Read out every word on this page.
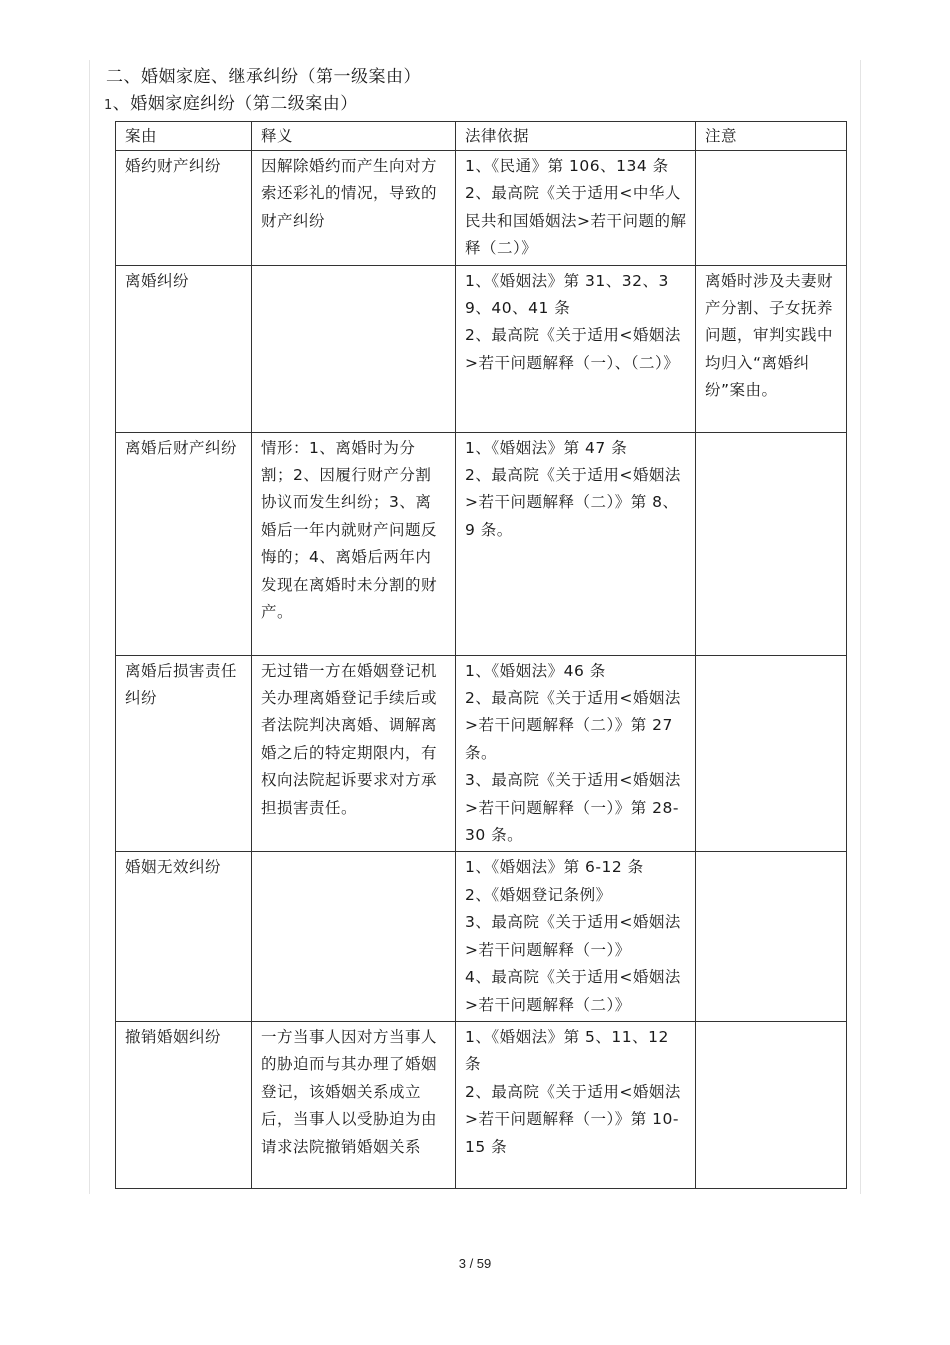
二、婚姻家庭、继承纠纷（第一级案由）
1、婚姻家庭纠纷（第二级案由）
案由	释义	法律依据	注意
婚约财产纠纷	因解除婚约而产生向对方索还彩礼的情况，导致的财产纠纷	1、《民通》第 106、134 条
2、最高院《关于适用<中华人民共和国婚姻法>若干问题的解释（二）》	

离婚纠纷		1、《婚姻法》第 31、32、39、40、41 条
2、最高院《关于适用<婚姻法>若干问题解释（一）、（二）》	离婚时涉及夫妻财产分割、子女抚养问题，审判实践中均归入“离婚纠纷”案由。
离婚后财产纠纷	情形：1、离婚时为分割；2、因履行财产分割协议而发生纠纷；3、离婚后一年内就财产问题反悔的；4、离婚后两年内发现在离婚时未分割的财产。	1、《婚姻法》第 47 条
2、最高院《关于适用<婚姻法>若干问题解释（二）》第 8、9 条。	

离婚后损害责任纠纷	无过错一方在婚姻登记机关办理离婚登记手续后或者法院判决离婚、调解离婚之后的特定期限内，有权向法院起诉要求对方承担损害责任。	1、《婚姻法》46 条
2、最高院《关于适用<婚姻法>若干问题解释（二）》第 27 条。
3、最高院《关于适用<婚姻法>若干问题解释（一）》第 28-30 条。	

婚姻无效纠纷		1、《婚姻法》第 6-12 条
2、《婚姻登记条例》
3、最高院《关于适用<婚姻法>若干问题解释（一）》
4、最高院《关于适用<婚姻法>若干问题解释（二）》	

撤销婚姻纠纷	一方当事人因对方当事人的胁迫而与其办理了婚姻登记，该婚姻关系成立后，当事人以受胁迫为由请求法院撤销婚姻关系	1、《婚姻法》第 5、11、12 条
2、最高院《关于适用<婚姻法>若干问题解释（一）》第 10-15 条	

3 / 59
